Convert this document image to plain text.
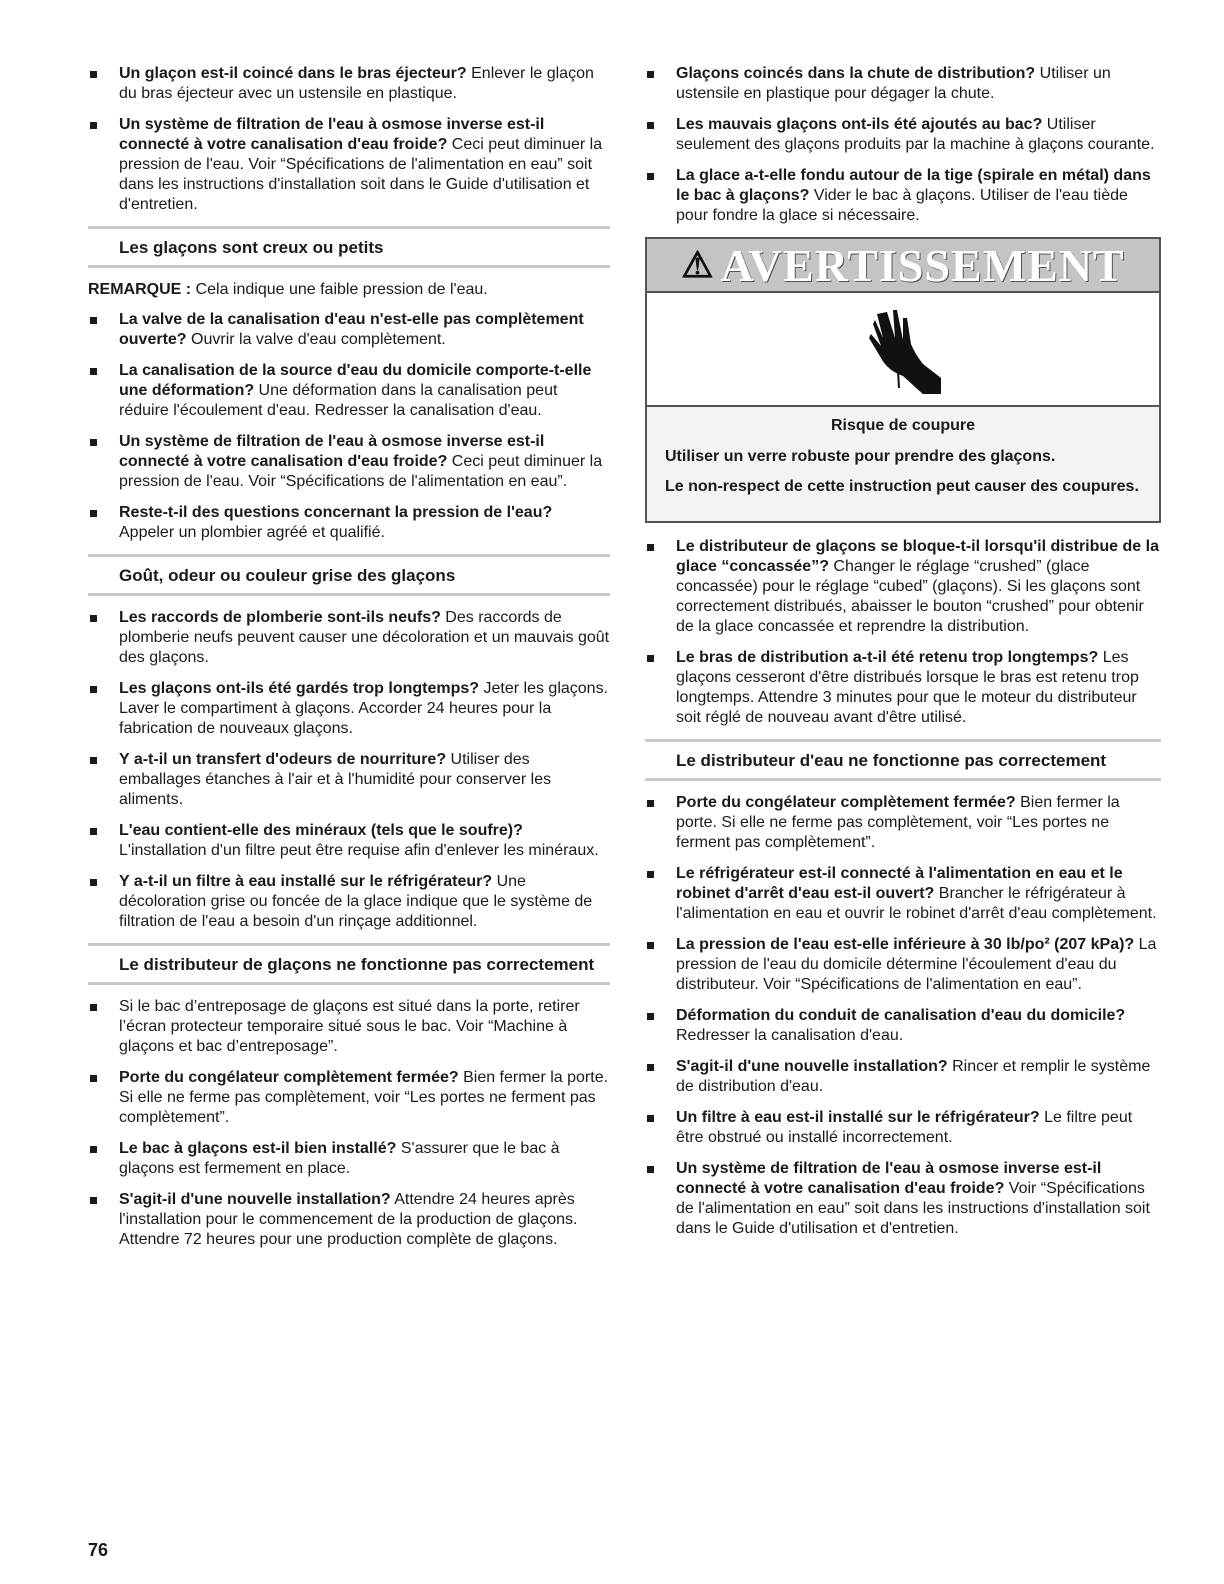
Un glaçon est-il coincé dans le bras éjecteur? Enlever le glaçon du bras éjecteur avec un ustensile en plastique.
Un système de filtration de l'eau à osmose inverse est-il connecté à votre canalisation d'eau froide? Ceci peut diminuer la pression de l'eau. Voir “Spécifications de l'alimentation en eau” soit dans les instructions d'installation soit dans le Guide d'utilisation et d'entretien.
Les glaçons sont creux ou petits

REMARQUE : Cela indique une faible pression de l'eau.

La valve de la canalisation d'eau n'est-elle pas complètement ouverte? Ouvrir la valve d'eau complètement.
La canalisation de la source d'eau du domicile comporte-t-elle une déformation? Une déformation dans la canalisation peut réduire l'écoulement d'eau. Redresser la canalisation d'eau.
Un système de filtration de l'eau à osmose inverse est-il connecté à votre canalisation d'eau froide? Ceci peut diminuer la pression de l'eau. Voir “Spécifications de l'alimentation en eau”.
Reste-t-il des questions concernant la pression de l'eau? Appeler un plombier agréé et qualifié.
Goût, odeur ou couleur grise des glaçons
Les raccords de plomberie sont-ils neufs? Des raccords de plomberie neufs peuvent causer une décoloration et un mauvais goût des glaçons.
Les glaçons ont-ils été gardés trop longtemps? Jeter les glaçons. Laver le compartiment à glaçons. Accorder 24 heures pour la fabrication de nouveaux glaçons.
Y a-t-il un transfert d'odeurs de nourriture? Utiliser des emballages étanches à l'air et à l'humidité pour conserver les aliments.
L'eau contient-elle des minéraux (tels que le soufre)? L'installation d'un filtre peut être requise afin d'enlever les minéraux.
Y a-t-il un filtre à eau installé sur le réfrigérateur? Une décoloration grise ou foncée de la glace indique que le système de filtration de l'eau a besoin d'un rinçage additionnel.
Le distributeur de glaçons ne fonctionne pas correctement
Si le bac d’entreposage de glaçons est situé dans la porte, retirer l’écran protecteur temporaire situé sous le bac. Voir “Machine à glaçons et bac d’entreposage”.
Porte du congélateur complètement fermée? Bien fermer la porte. Si elle ne ferme pas complètement, voir “Les portes ne ferment pas complètement”.
Le bac à glaçons est-il bien installé? S'assurer que le bac à glaçons est fermement en place.
S'agit-il d'une nouvelle installation? Attendre 24 heures après l'installation pour le commencement de la production de glaçons. Attendre 72 heures pour une production complète de glaçons.
Glaçons coincés dans la chute de distribution? Utiliser un ustensile en plastique pour dégager la chute.
Les mauvais glaçons ont-ils été ajoutés au bac? Utiliser seulement des glaçons produits par la machine à glaçons courante.
La glace a-t-elle fondu autour de la tige (spirale en métal) dans le bac à glaçons? Vider le bac à glaçons. Utiliser de l'eau tiède pour fondre la glace si nécessaire.
⚠ AVERTISSEMENT
Risque de coupure
Utiliser un verre robuste pour prendre des glaçons.
Le non-respect de cette instruction peut causer des coupures.
Le distributeur de glaçons se bloque-t-il lorsqu'il distribue de la glace “concassée”? Changer le réglage “crushed” (glace concassée) pour le réglage “cubed” (glaçons). Si les glaçons sont correctement distribués, abaisser le bouton “crushed” pour obtenir de la glace concassée et reprendre la distribution.
Le bras de distribution a-t-il été retenu trop longtemps? Les glaçons cesseront d'être distribués lorsque le bras est retenu trop longtemps. Attendre 3 minutes pour que le moteur du distributeur soit réglé de nouveau avant d'être utilisé.
Le distributeur d'eau ne fonctionne pas correctement
Porte du congélateur complètement fermée? Bien fermer la porte. Si elle ne ferme pas complètement, voir “Les portes ne ferment pas complètement”.
Le réfrigérateur est-il connecté à l'alimentation en eau et le robinet d'arrêt d'eau est-il ouvert? Brancher le réfrigérateur à l'alimentation en eau et ouvrir le robinet d'arrêt d'eau complètement.
La pression de l'eau est-elle inférieure à 30 lb/po² (207 kPa)? La pression de l'eau du domicile détermine l'écoulement d'eau du distributeur. Voir “Spécifications de l'alimentation en eau”.
Déformation du conduit de canalisation d'eau du domicile? Redresser la canalisation d'eau.
S'agit-il d'une nouvelle installation? Rincer et remplir le système de distribution d'eau.
Un filtre à eau est-il installé sur le réfrigérateur? Le filtre peut être obstrué ou installé incorrectement.
Un système de filtration de l'eau à osmose inverse est-il connecté à votre canalisation d'eau froide? Voir “Spécifications de l'alimentation en eau” soit dans les instructions d'installation soit dans le Guide d'utilisation et d'entretien.
76
